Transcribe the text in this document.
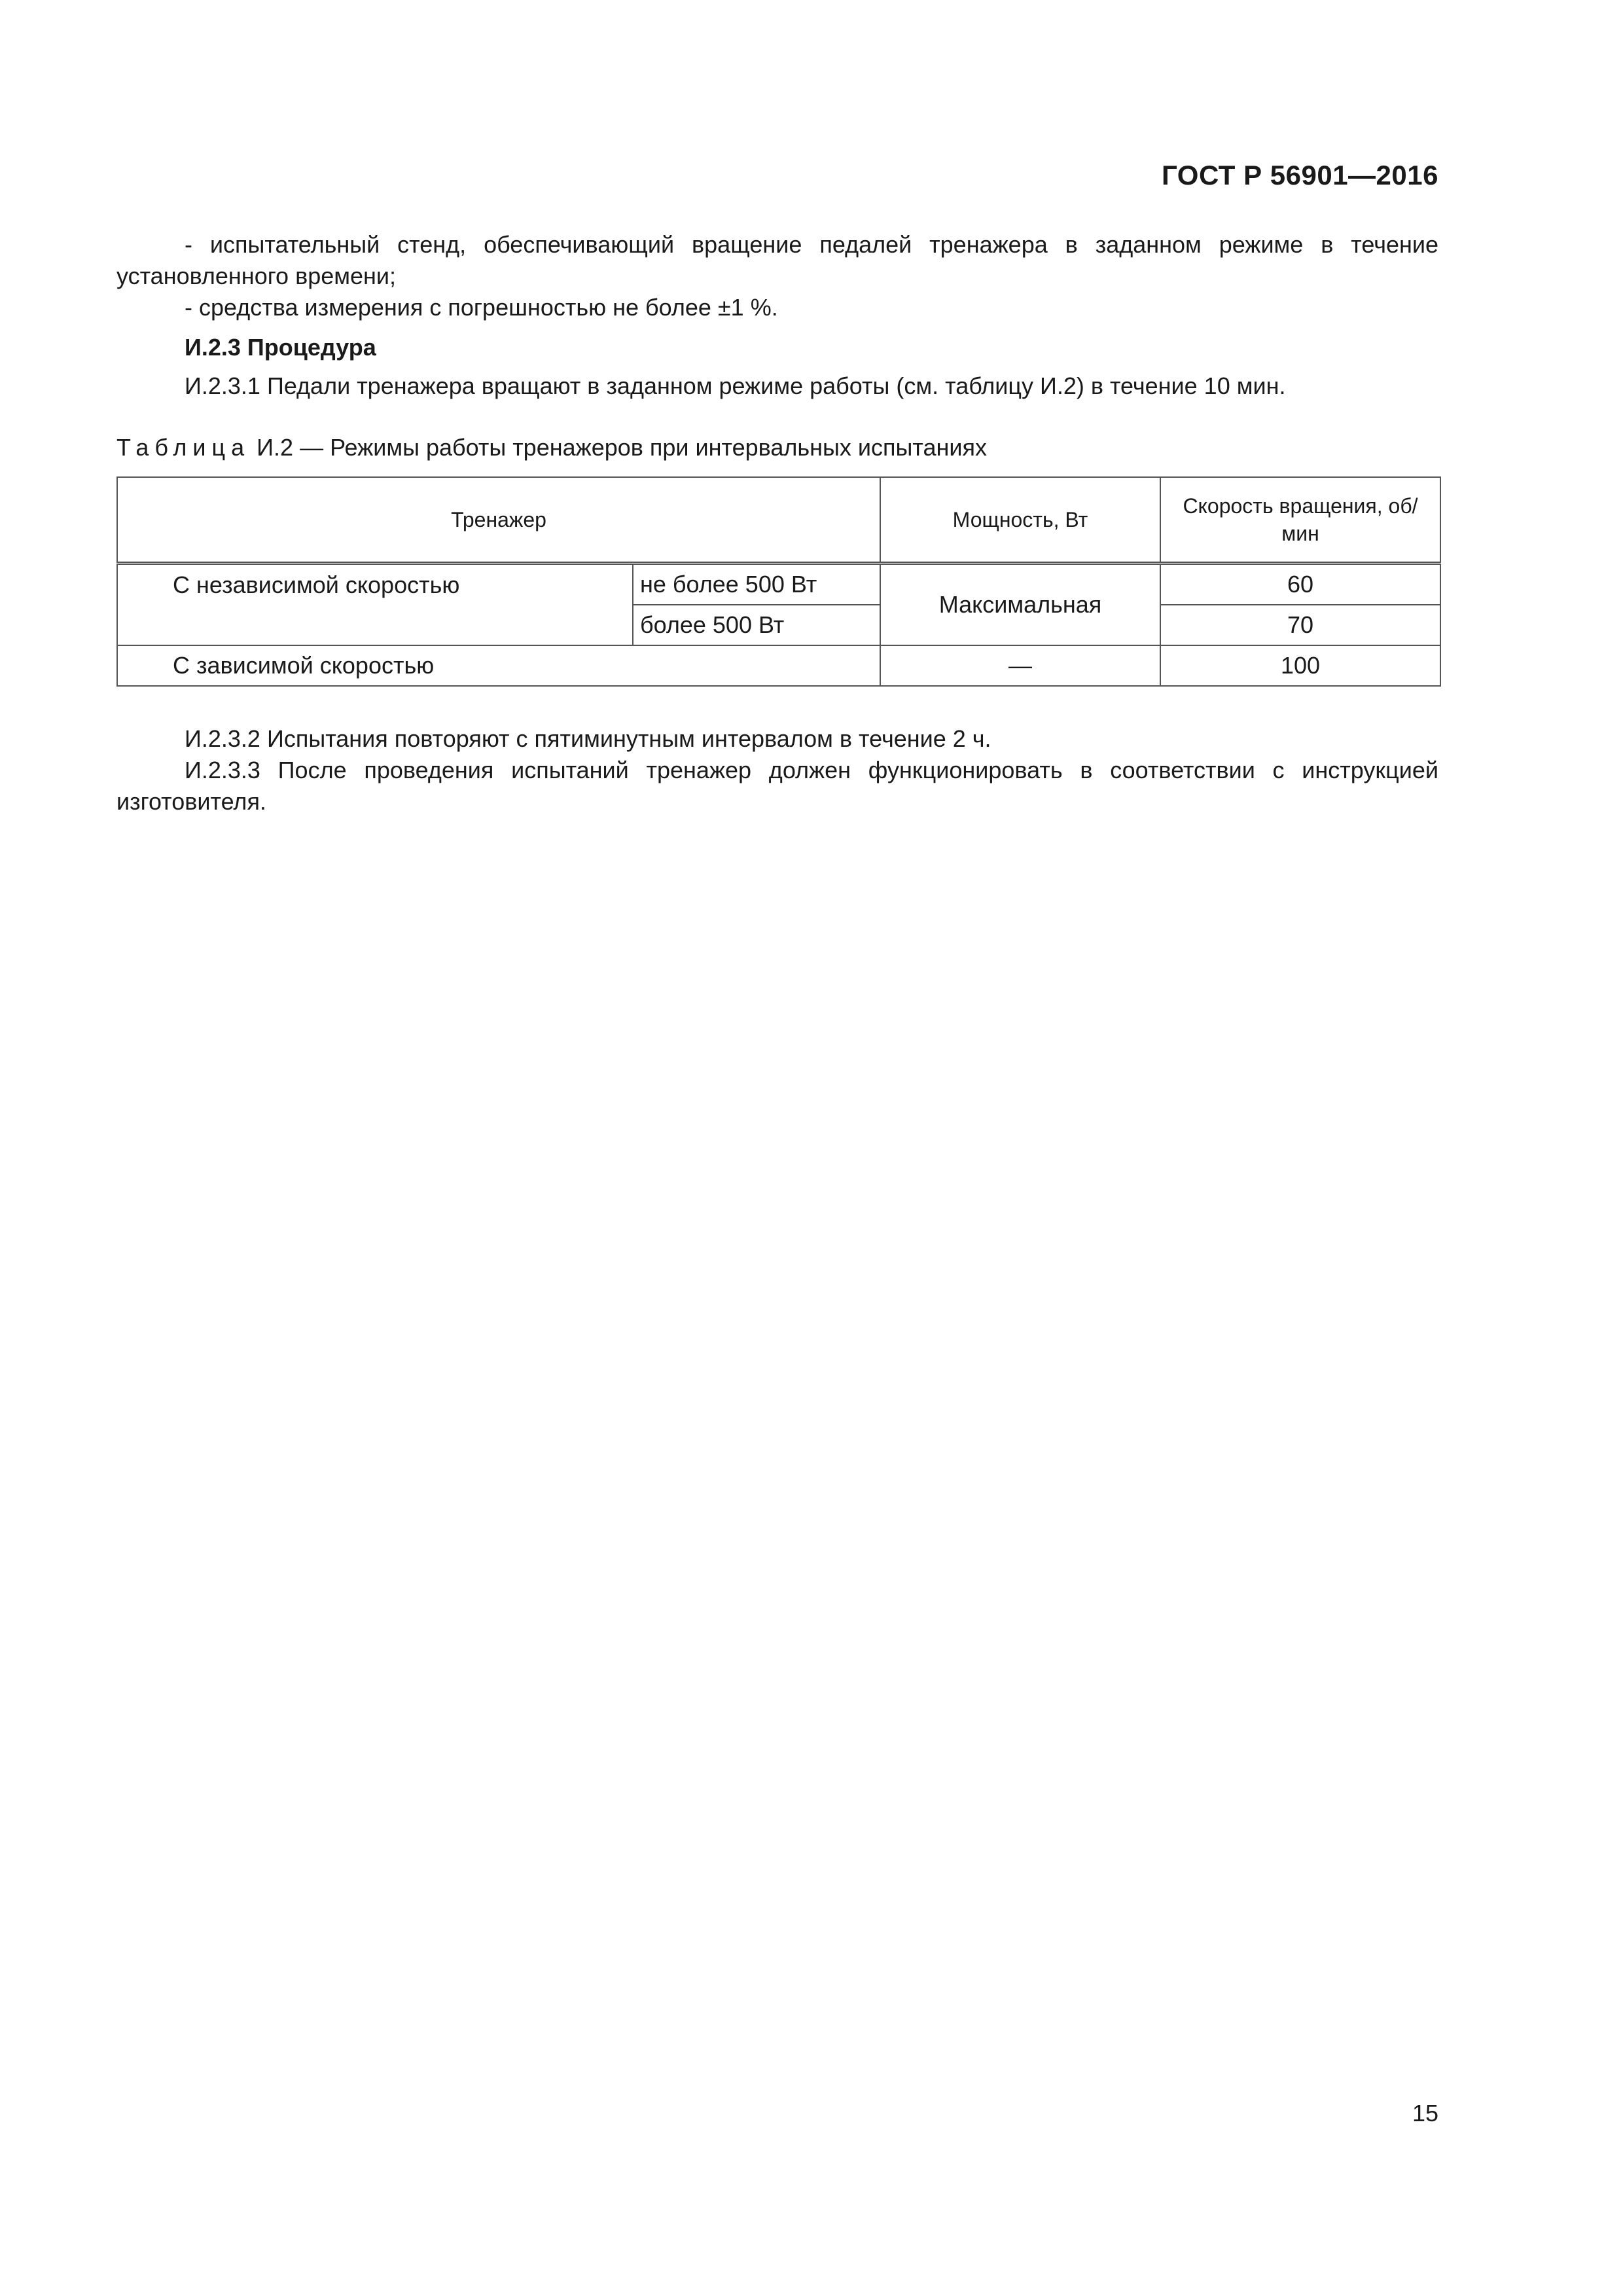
ГОСТ Р 56901—2016
- испытательный стенд, обеспечивающий вращение педалей тренажера в заданном режиме в течение установленного времени;
- средства измерения с погрешностью не более ±1 %.
И.2.3 Процедура
И.2.3.1 Педали тренажера вращают в заданном режиме работы (см. таблицу И.2) в течение 10 мин.
Таблица И.2 — Режимы работы тренажеров при интервальных испытаниях
Тренажер		Мощность, Вт	Скорость вращения, об/мин
С независимой скоростью	не более 500 Вт	Максимальная	60
	более 500 Вт		70
С зависимой скоростью		—	100
И.2.3.2 Испытания повторяют с пятиминутным интервалом в течение 2 ч.
И.2.3.3 После проведения испытаний тренажер должен функционировать в соответствии с инструкцией изготовителя.
15
